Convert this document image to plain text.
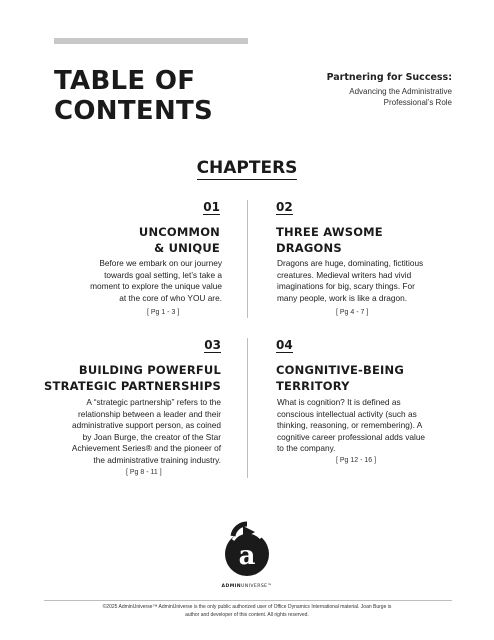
TABLE OF
CONTENTS
Partnering for Success:
Advancing the Administrative
Professional’s Role
CHAPTERS
01
UNCOMMON
& UNIQUE
Before we embark on our journey
towards goal setting, let’s take a
moment to explore the unique value
at the core of who YOU are.
[ Pg 1 - 3 ]
02
THREE AWSOME
DRAGONS
Dragons are huge, dominating, fictitious
creatures. Medieval writers had vivid
imaginations for big, scary things. For
many people, work is like a dragon.
[ Pg 4 - 7 ]
03
BUILDING POWERFUL
STRATEGIC PARTNERSHIPS
A “strategic partnership” refers to the
relationship between a leader and their
administrative support person, as coined
by Joan Burge, the creator of the Star
Achievement Series® and the pioneer of
the administrative training industry.
[ Pg 8 - 11 ]
04
CONGNITIVE-BEING
TERRITORY
What is cognition? It is defined as
conscious intellectual activity (such as
thinking, reasoning, or remembering). A
cognitive career professional adds value
to the company.
[ Pg 12 - 16 ]
a
ADMINUNIVERSE™
©2025 AdminUniverse™ AdminUniverse is the only public authorized user of Office Dynamics International material. Joan Burge is
author and developer of this content. All rights reserved.
